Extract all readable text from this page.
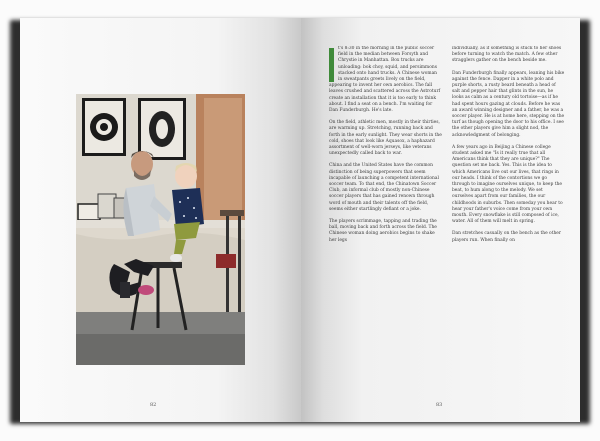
82

t's 8:30 in the morning in the public soccer field in the median between Forsyth and Chrystie in Manhattan. Box trucks are unloading: bok choy, squid, and persimmons stacked onto hand trucks. A Chinese woman in sweatpants greets lively on the field, appearing to invent her own aerobics. The fall leaves crushed and scattered across the Astroturf create an installation that it is too early to think about. I find a seat on a bench. I'm waiting for Dan Funderburgh. He's late.

On the field, athletic men, mostly in their thirties, are warming up. Stretching, running back and forth in the early sunlight. They wear shorts in the cold, shoes that look like Aquasox, a haphazard assortment of well-worn jerseys, like veterans unexpectedly called back to war.

China and the United States have the common distinction of being superpowers that seem incapable of launching a competent international soccer team. To that end, the Chinatown Soccer Club, an informal club of mostly non-Chinese soccer players that has gained renown through word of mouth and their talents off the field, seems either startlingly defiant or a joke.

The players scrimmage, tapping and trading the ball, moving back and forth across the field. The Chinese woman doing aerobics begins to shake her legs

individually, as if something is stuck to her shoes before turning to watch the match. A few other stragglers gather on the bench beside me.

Dan Funderburgh finally appears, leaning his bike against the fence. Dapper in a white polo and purple shorts, a rusty beard beneath a head of salt and pepper hair that glints in the sun, he looks as calm as a century old tortoise—as if he had spent hours gazing at clouds. Before he was an award winning designer and a father, he was a soccer player. He is at home here, stepping on the turf as though opening the door to his office. I see the other players give him a slight nod, the acknowledgment of belonging.

A few years ago in Beijing a Chinese college student asked me "Is it really true that all Americans think that they are unique?" The question set me back. Yes. This is the idea to which Americans live out our lives, that rings in our heads. I think of the contortions we go through to imagine ourselves unique, to keep the beat, to hum along to the melody. We set ourselves apart from our families, the our childhoods in suburbs. Then someday you hear to hear your father's voice come from your own mouth. Every snowflake is still composed of ice, water. All of them will melt in spring.

Dan stretches casually on the bench as the other players run. When finally on

83
